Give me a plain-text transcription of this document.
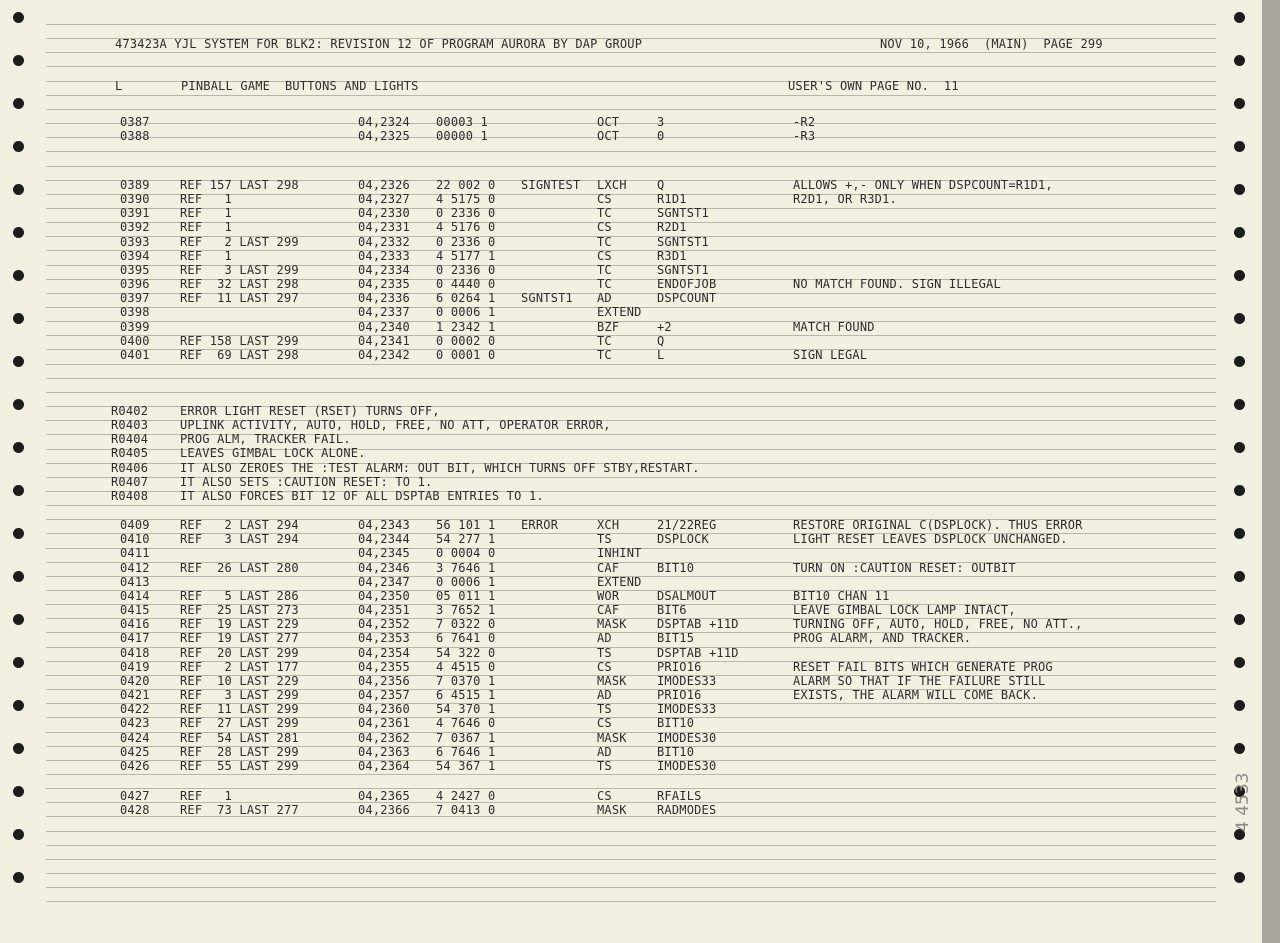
473423A YJL SYSTEM FOR BLK2: REVISION 12 OF PROGRAM AURORA BY DAP GROUP	NOV 10, 1966  (MAIN)  PAGE 299
L	PINBALL GAME  BUTTONS AND LIGHTS	USER'S OWN PAGE NO.  11
0387	04,2324 00003 1	OCT	3	-R2
0388	04,2325 00000 1	OCT	0	-R3
0389	REF 157 LAST 298	04,2326 22 002 0 SIGNTEST LXCH	Q	ALLOWS +,- ONLY WHEN DSPCOUNT=R1D1,
0390	REF   1	04,2327 4 5175 0	CS	R1D1	R2D1, OR R3D1.
0391	REF   1	04,2330 0 2336 0	TC	SGNTST1
0392	REF   1	04,2331 4 5176 0	CS	R2D1
0393	REF   2 LAST 299	04,2332 0 2336 0	TC	SGNTST1
0394	REF   1	04,2333 4 5177 1	CS	R3D1
0395	REF   3 LAST 299	04,2334 0 2336 0	TC	SGNTST1
0396	REF  32 LAST 298	04,2335 0 4440 0	TC	ENDOFJOB	NO MATCH FOUND. SIGN ILLEGAL
0397	REF  11 LAST 297	04,2336 6 0264 1 SGNTST1 AD	DSPCOUNT
0398	04,2337 0 0006 1	EXTEND
0399	04,2340 1 2342 1	BZF	+2	MATCH FOUND
0400	REF 158 LAST 299	04,2341 0 0002 0	TC	Q
0401	REF  69 LAST 298	04,2342 0 0001 0	TC	L	SIGN LEGAL
0409	REF   2 LAST 294	04,2343 56 101 1 ERROR	XCH	21/22REG	RESTORE ORIGINAL C(DSPLOCK). THUS ERROR
0410	REF   3 LAST 294	04,2344 54 277 1	TS	DSPLOCK	LIGHT RESET LEAVES DSPLOCK UNCHANGED.
0411	04,2345 0 0004 0	INHINT
0412	REF  26 LAST 280	04,2346 3 7646 1	CAF	BIT10	TURN ON :CAUTION RESET: OUTBIT
0413	04,2347 0 0006 1	EXTEND
0414	REF   5 LAST 286	04,2350 05 011 1	WOR	DSALMOUT	BIT10 CHAN 11
0415	REF  25 LAST 273	04,2351 3 7652 1	CAF	BIT6	LEAVE GIMBAL LOCK LAMP INTACT,
0416	REF  19 LAST 229	04,2352 7 0322 0	MASK	DSPTAB +11D	TURNING OFF, AUTO, HOLD, FREE, NO ATT.,
0417	REF  19 LAST 277	04,2353 6 7641 0	AD	BIT15	PROG ALARM, AND TRACKER.
0418	REF  20 LAST 299	04,2354 54 322 0	TS	DSPTAB +11D
0419	REF   2 LAST 177	04,2355 4 4515 0	CS	PRIO16	RESET FAIL BITS WHICH GENERATE PROG
0420	REF  10 LAST 229	04,2356 7 0370 1	MASK	IMODES33	ALARM SO THAT IF THE FAILURE STILL
0421	REF   3 LAST 299	04,2357 6 4515 1	AD	PRIO16	EXISTS, THE ALARM WILL COME BACK.
0422	REF  11 LAST 299	04,2360 54 370 1	TS	IMODES33
0423	REF  27 LAST 299	04,2361 4 7646 0	CS	BIT10
0424	REF  54 LAST 281	04,2362 7 0367 1	MASK	IMODES30
0425	REF  28 LAST 299	04,2363 6 7646 1	AD	BIT10
0426	REF  55 LAST 299	04,2364 54 367 1	TS	IMODES30
0427	REF   1	04,2365 4 2427 0	CS	RFAILS
0428	REF  73 LAST 277	04,2366 7 0413 0	MASK	RADMODES
R0402	ERROR LIGHT RESET (RSET) TURNS OFF,
R0403	UPLINK ACTIVITY, AUTO, HOLD, FREE, NO ATT, OPERATOR ERROR,
R0404	PROG ALM, TRACKER FAIL.
R0405	LEAVES GIMBAL LOCK ALONE.
R0406	IT ALSO ZEROES THE :TEST ALARM: OUT BIT, WHICH TURNS OFF STBY,RESTART.
R0407	IT ALSO SETS :CAUTION RESET: TO 1.
R0408	IT ALSO FORCES BIT 12 OF ALL DSPTAB ENTRIES TO 1.
4 4533
